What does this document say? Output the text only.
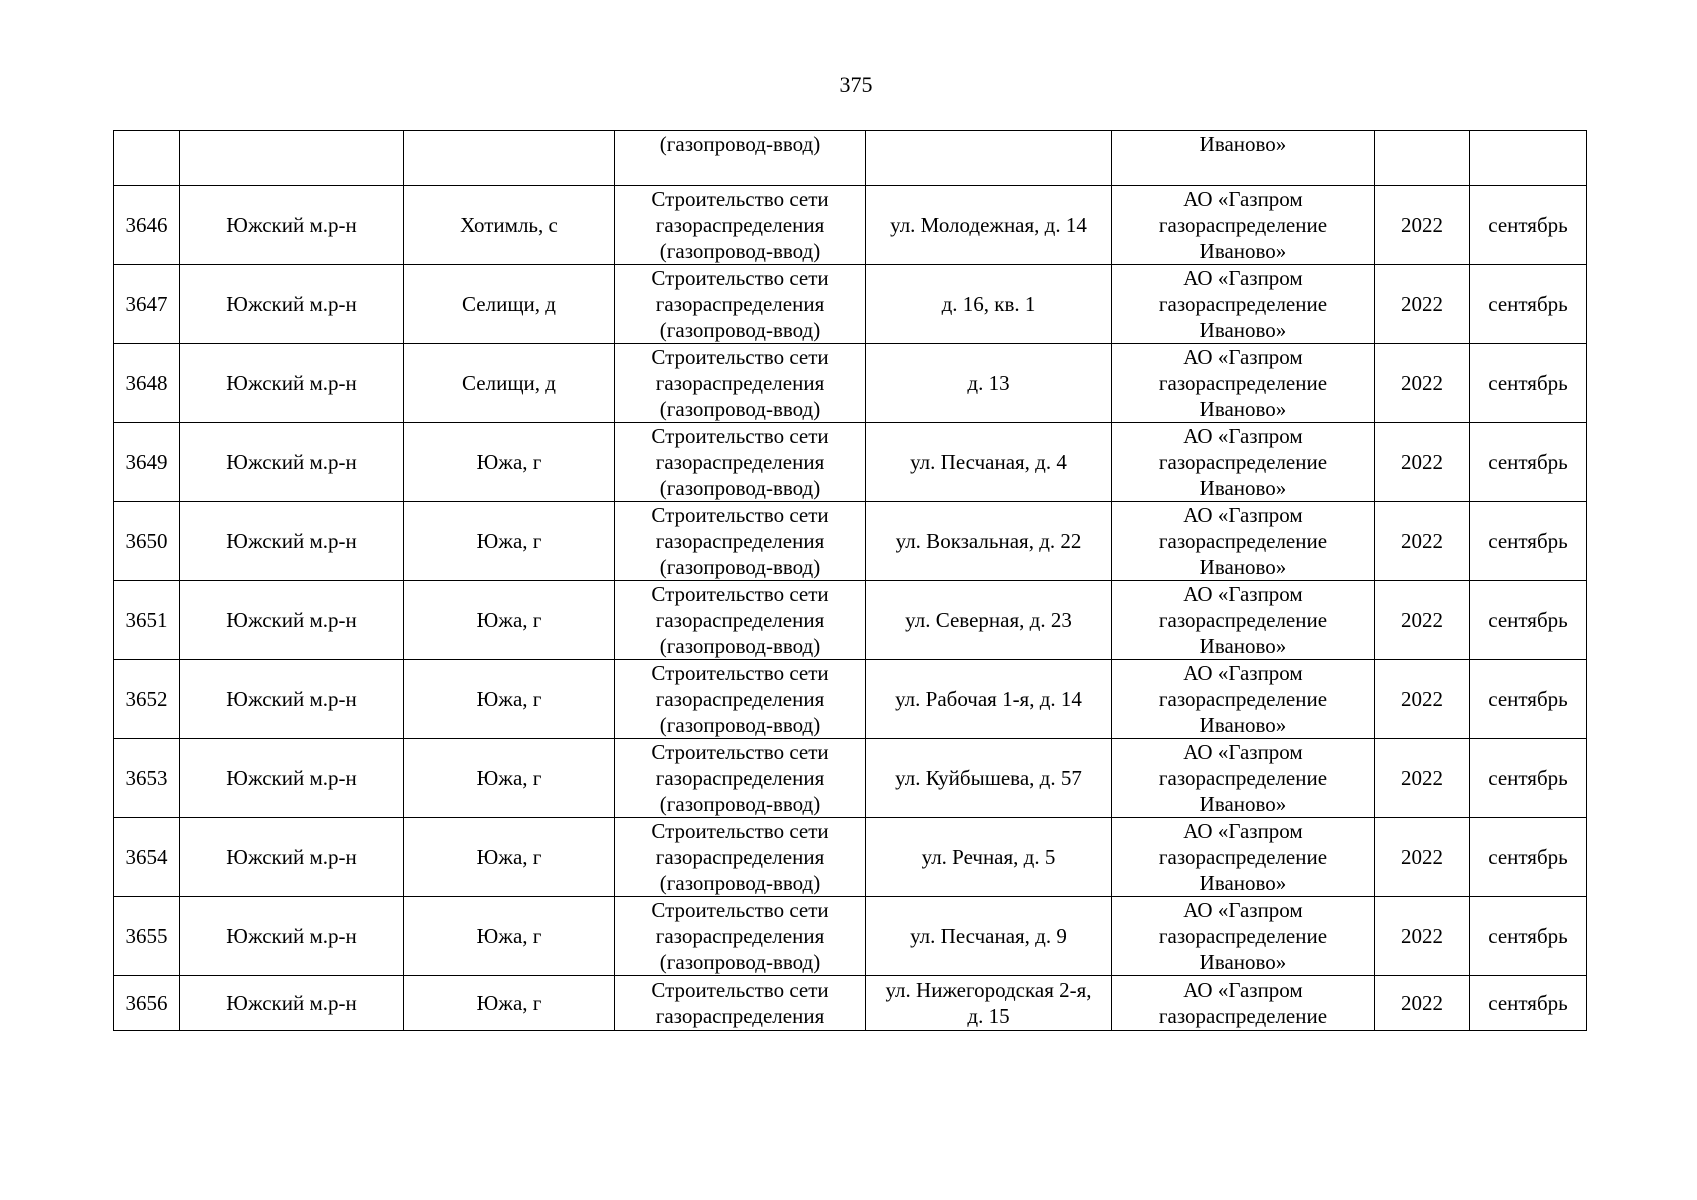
375
			(газопровод-ввод)		Иваново»		
3646	Южский м.р-н	Хотимль, с	Строительство сети
газораспределения
(газопровод-ввод)	ул. Молодежная, д. 14	АО «Газпром
газораспределение
Иваново»	2022	сентябрь
3647	Южский м.р-н	Селищи, д	Строительство сети
газораспределения
(газопровод-ввод)	д. 16, кв. 1	АО «Газпром
газораспределение
Иваново»	2022	сентябрь
3648	Южский м.р-н	Селищи, д	Строительство сети
газораспределения
(газопровод-ввод)	д. 13	АО «Газпром
газораспределение
Иваново»	2022	сентябрь
3649	Южский м.р-н	Южа, г	Строительство сети
газораспределения
(газопровод-ввод)	ул. Песчаная, д. 4	АО «Газпром
газораспределение
Иваново»	2022	сентябрь
3650	Южский м.р-н	Южа, г	Строительство сети
газораспределения
(газопровод-ввод)	ул. Вокзальная, д. 22	АО «Газпром
газораспределение
Иваново»	2022	сентябрь
3651	Южский м.р-н	Южа, г	Строительство сети
газораспределения
(газопровод-ввод)	ул. Северная, д. 23	АО «Газпром
газораспределение
Иваново»	2022	сентябрь
3652	Южский м.р-н	Южа, г	Строительство сети
газораспределения
(газопровод-ввод)	ул. Рабочая 1-я, д. 14	АО «Газпром
газораспределение
Иваново»	2022	сентябрь
3653	Южский м.р-н	Южа, г	Строительство сети
газораспределения
(газопровод-ввод)	ул. Куйбышева, д. 57	АО «Газпром
газораспределение
Иваново»	2022	сентябрь
3654	Южский м.р-н	Южа, г	Строительство сети
газораспределения
(газопровод-ввод)	ул. Речная, д. 5	АО «Газпром
газораспределение
Иваново»	2022	сентябрь
3655	Южский м.р-н	Южа, г	Строительство сети
газораспределения
(газопровод-ввод)	ул. Песчаная, д. 9	АО «Газпром
газораспределение
Иваново»	2022	сентябрь
3656	Южский м.р-н	Южа, г	Строительство сети
газораспределения	ул. Нижегородская 2-я,
д. 15	АО «Газпром
газораспределение	2022	сентябрь
